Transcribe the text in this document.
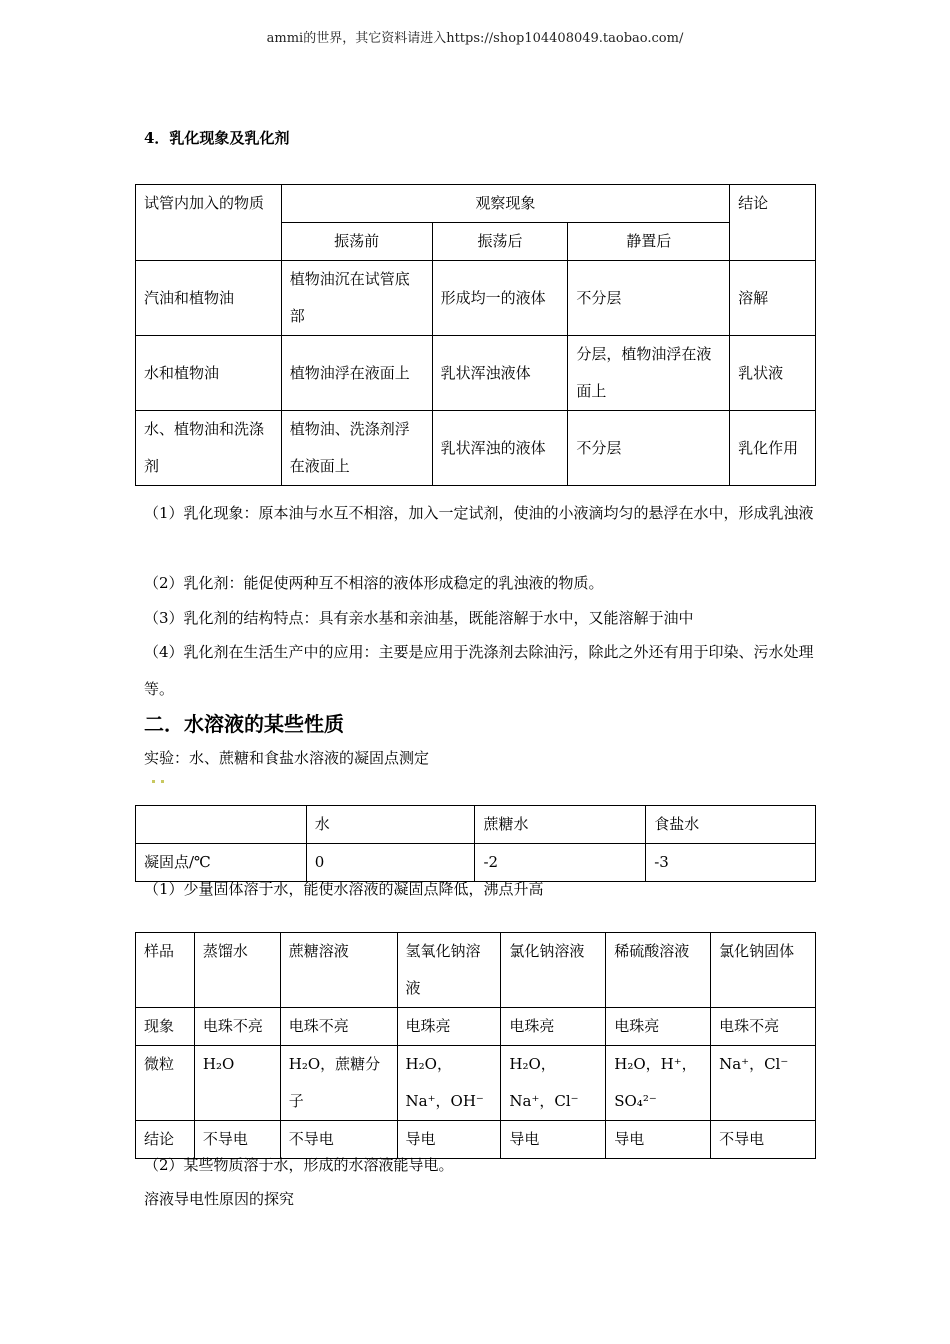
ammi的世界，其它资料请进入https://shop104408049.taobao.com/
4．乳化现象及乳化剂
试管内加入的物质	观察现象			结论
	振荡前	振荡后	静置后	
汽油和植物油	植物油沉在试管底部	形成均一的液体	不分层	溶解
水和植物油	植物油浮在液面上	乳状浑浊液体	分层，植物油浮在液面上	乳状液
水、植物油和洗涤剂	植物油、洗涤剂浮在液面上	乳状浑浊的液体	不分层	乳化作用
（1）乳化现象：原本油与水互不相溶，加入一定试剂，使油的小液滴均匀的悬浮在水中，形成乳浊液
（2）乳化剂：能促使两种互不相溶的液体形成稳定的乳浊液的物质。
（3）乳化剂的结构特点：具有亲水基和亲油基，既能溶解于水中，又能溶解于油中
（4）乳化剂在生活生产中的应用：主要是应用于洗涤剂去除油污，除此之外还有用于印染、污水处理等。
二．水溶液的某些性质
实验：水、蔗糖和食盐水溶液的凝固点测定
	水	蔗糖水	食盐水
凝固点/℃	0	-2	-3
（1）少量固体溶于水，能使水溶液的凝固点降低，沸点升高
样品	蒸馏水	蔗糖溶液	氢氧化钠溶液	氯化钠溶液	稀硫酸溶液	氯化钠固体
现象	电珠不亮	电珠不亮	电珠亮	电珠亮	电珠亮	电珠不亮
微粒	H₂O	H₂O，蔗糖分子	H₂O，Na⁺，OH⁻	H₂O，Na⁺，Cl⁻	H₂O，H⁺，SO₄²⁻	Na⁺，Cl⁻
结论	不导电	不导电	导电	导电	导电	不导电
（2）某些物质溶于水，形成的水溶液能导电。
溶液导电性原因的探究
